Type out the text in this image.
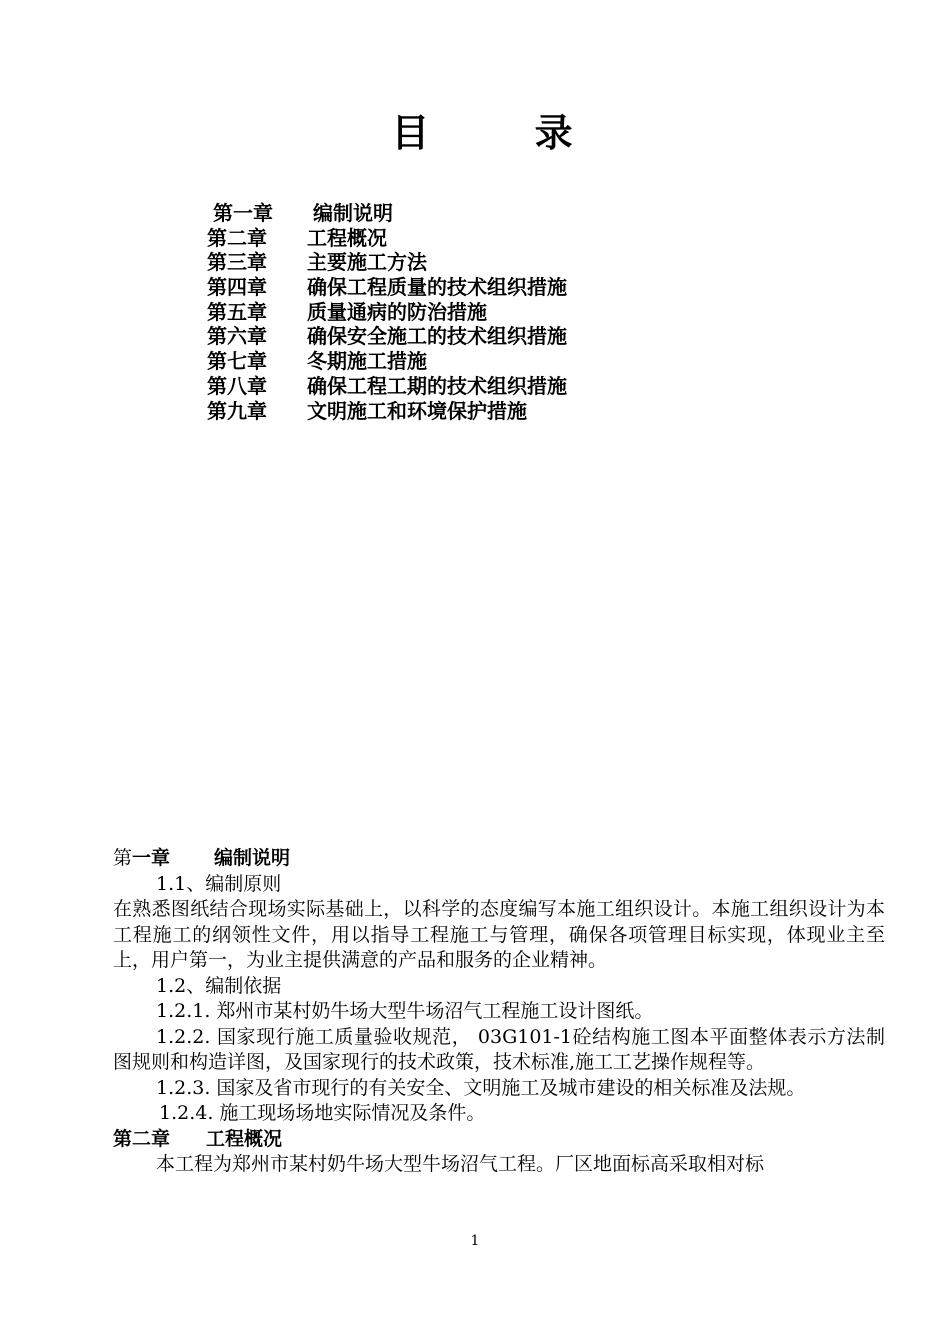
目 录
第一章 编制说明
第二章 工程概况
第三章 主要施工方法
第四章 确保工程质量的技术组织措施
第五章 质量通病的防治措施
第六章 确保安全施工的技术组织措施
第七章 冬期施工措施
第八章 确保工程工期的技术组织措施
第九章 文明施工和环境保护措施

第一章 编制说明

1.1、编制原则

在熟悉图纸结合现场实际基础上，以科学的态度编写本施工组织设计。本施工组织设计为本工程施工的纲领性文件，用以指导工程施工与管理，确保各项管理目标实现，体现业主至上，用户第一，为业主提供满意的产品和服务的企业精神。

1.2、编制依据

1.2.1. 郑州市某村奶牛场大型牛场沼气工程施工设计图纸。

1.2.2. 国家现行施工质量验收规范， 03G101-1砼结构施工图本平面整体表示方法制图规则和构造详图，及国家现行的技术政策，技术标准,施工工艺操作规程等。

1.2.3. 国家及省市现行的有关安全、文明施工及城市建设的相关标准及法规。

1.2.4. 施工现场场地实际情况及条件。

第二章 工程概况

本工程为郑州市某村奶牛场大型牛场沼气工程。厂区地面标高采取相对标

1
